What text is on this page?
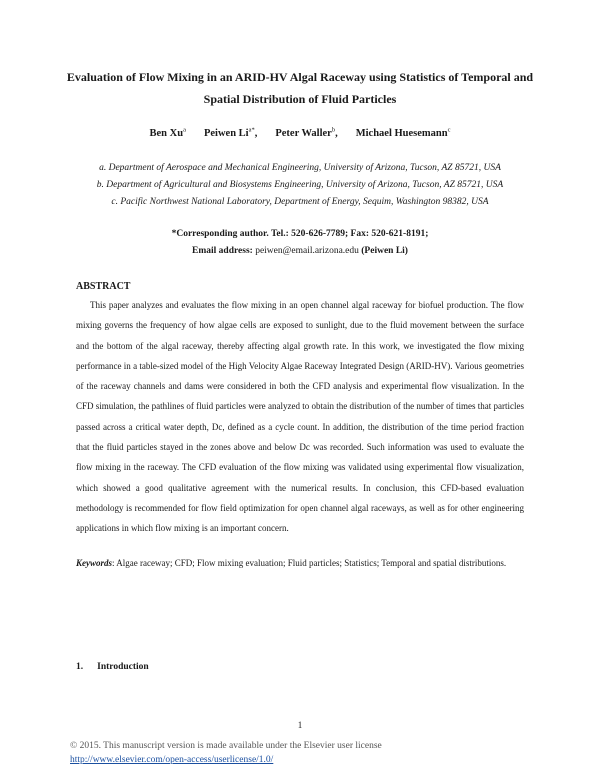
Evaluation of Flow Mixing in an ARID-HV Algal Raceway using Statistics of Temporal and Spatial Distribution of Fluid Particles
Ben Xu$^a$ Peiwen $Li^{a*}$, Peter Waller$^b$, Michael Huesemann$^c$
a. Department of Aerospace and Mechanical Engineering, University of Arizona, Tucson, AZ 85721, USA
b. Department of Agricultural and Biosystems Engineering, University of Arizona, Tucson, AZ 85721, USA
c. Pacific Northwest National Laboratory, Department of Energy, Sequim, Washington 98382, USA
*Corresponding author. Tel.: 520-626-7789; Fax: 520-621-8191;
Email address: peiwen@email.arizona.edu (Peiwen Li)
ABSTRACT
This paper analyzes and evaluates the flow mixing in an open channel algal raceway for biofuel production. The flow mixing governs the frequency of how algae cells are exposed to sunlight, due to the fluid movement between the surface and the bottom of the algal raceway, thereby affecting algal growth rate. In this work, we investigated the flow mixing performance in a table-sized model of the High Velocity Algae Raceway Integrated Design (ARID-HV). Various geometries of the raceway channels and dams were considered in both the CFD analysis and experimental flow visualization. In the CFD simulation, the pathlines of fluid particles were analyzed to obtain the distribution of the number of times that particles passed across a critical water depth, Dc, defined as a cycle count. In addition, the distribution of the time period fraction that the fluid particles stayed in the zones above and below Dc was recorded. Such information was used to evaluate the flow mixing in the raceway. The CFD evaluation of the flow mixing was validated using experimental flow visualization, which showed a good qualitative agreement with the numerical results. In conclusion, this CFD-based evaluation methodology is recommended for flow field optimization for open channel algal raceways, as well as for other engineering applications in which flow mixing is an important concern.
Keywords: Algae raceway; CFD; Flow mixing evaluation; Fluid particles; Statistics; Temporal and spatial distributions.
1. Introduction
1
© 2015. This manuscript version is made available under the Elsevier user license
http://www.elsevier.com/open-access/userlicense/1.0/
